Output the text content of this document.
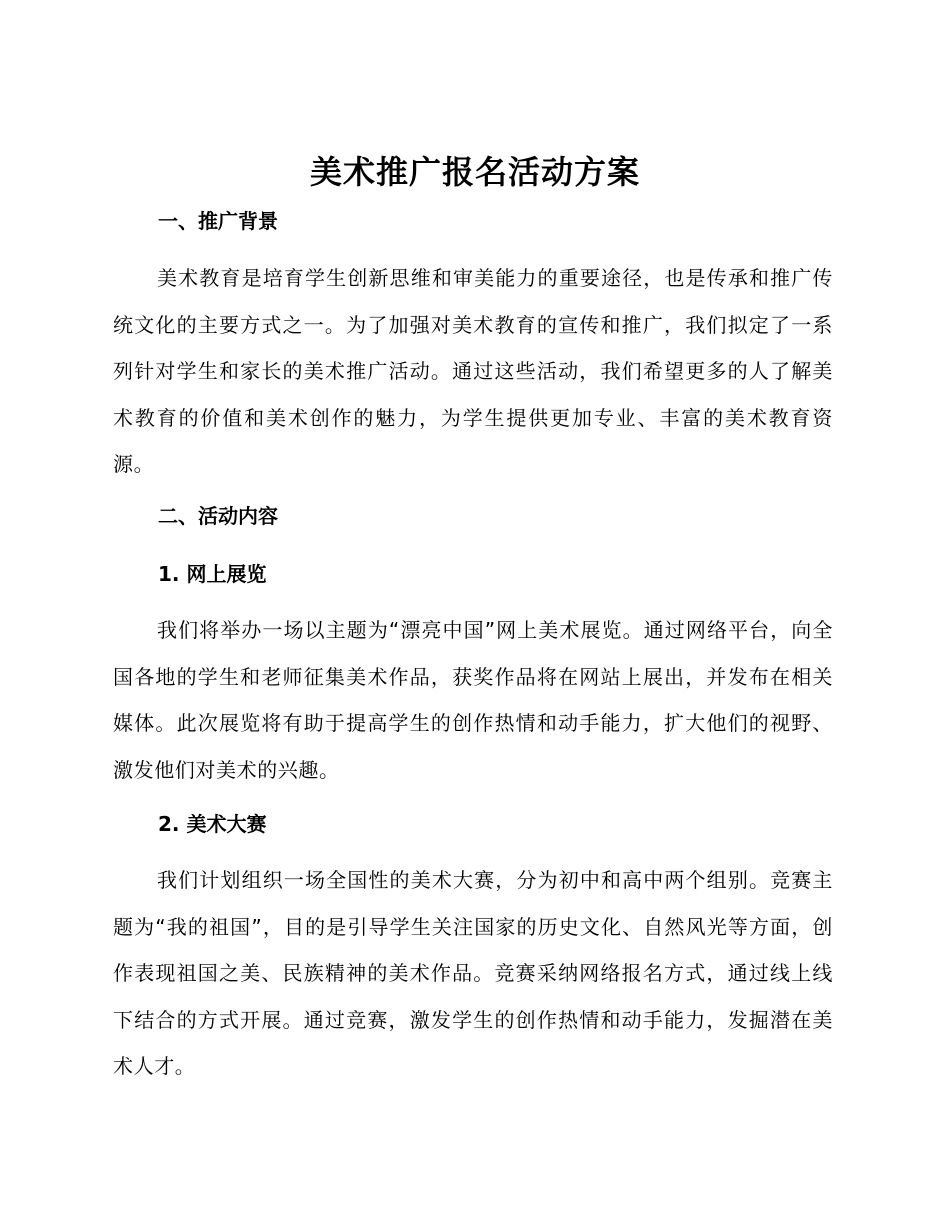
美术推广报名活动方案
一、推广背景
美术教育是培育学生创新思维和审美能力的重要途径，也是传承和推广传统文化的主要方式之一。为了加强对美术教育的宣传和推广，我们拟定了一系列针对学生和家长的美术推广活动。通过这些活动，我们希望更多的人了解美术教育的价值和美术创作的魅力，为学生提供更加专业、丰富的美术教育资源。
二、活动内容
1. 网上展览
我们将举办一场以主题为“漂亮中国”网上美术展览。通过网络平台，向全国各地的学生和老师征集美术作品，获奖作品将在网站上展出，并发布在相关媒体。此次展览将有助于提高学生的创作热情和动手能力，扩大他们的视野、激发他们对美术的兴趣。
2. 美术大赛
我们计划组织一场全国性的美术大赛，分为初中和高中两个组别。竞赛主题为“我的祖国”，目的是引导学生关注国家的历史文化、自然风光等方面，创作表现祖国之美、民族精神的美术作品。竞赛采纳网络报名方式，通过线上线下结合的方式开展。通过竞赛，激发学生的创作热情和动手能力，发掘潜在美术人才。
